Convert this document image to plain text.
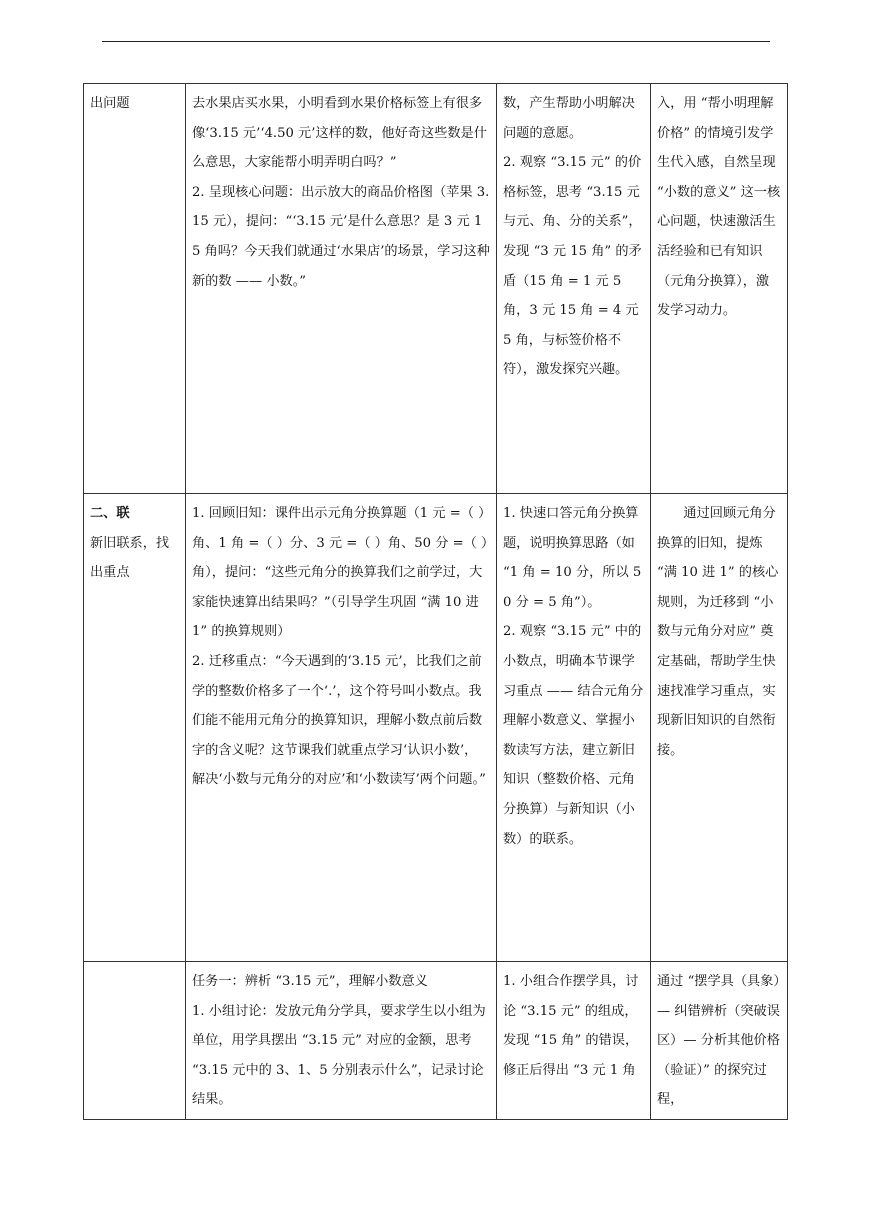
出问题	去水果店买水果，小明看到水果价格标签上有很多像‘3.15 元’‘4.50 元’这样的数，他好奇这些数是什么意思，大家能帮小明弄明白吗？”
2. 呈现核心问题：出示放大的商品价格图（苹果 3.15 元），提问：“‘3.15 元’是什么意思？是 3 元 15 角吗？今天我们就通过‘水果店’的场景，学习这种新的数 —— 小数。”	数，产生帮助小明解决问题的意愿。
2. 观察 “3.15 元” 的价格标签，思考 “3.15 元与元、角、分的关系”，发现 “3 元 15 角” 的矛盾（15 角 = 1 元 5 角，3 元 15 角 = 4 元 5 角，与标签价格不符），激发探究兴趣。	入，用 “帮小明理解价格” 的情境引发学生代入感，自然呈现 “小数的意义” 这一核心问题，快速激活生活经验和已有知识（元角分换算），激发学习动力。

二、联
新旧联系，找出重点	1. 回顾旧知：课件出示元角分换算题（1 元 =（ ）角、1 角 =（ ）分、3 元 =（ ）角、50 分 =（ ）角），提问：“这些元角分的换算我们之前学过，大家能快速算出结果吗？”（引导学生巩固 “满 10 进 1” 的换算规则）
2. 迁移重点：“今天遇到的‘3.15 元’，比我们之前学的整数价格多了一个‘.’，这个符号叫小数点。我们能不能用元角分的换算知识，理解小数点前后数字的含义呢？这节课我们就重点学习‘认识小数’，解决‘小数与元角分的对应’和‘小数读写’两个问题。”	1. 快速口答元角分换算题，说明换算思路（如 “1 角 = 10 分，所以 50 分 = 5 角”）。
2. 观察 “3.15 元” 中的小数点，明确本节课学习重点 —— 结合元角分理解小数意义、掌握小数读写方法，建立新旧知识（整数价格、元角分换算）与新知识（小数）的联系。	通过回顾元角分换算的旧知，提炼 “满 10 进 1” 的核心规则，为迁移到 “小数与元角分对应” 奠定基础，帮助学生快速找准学习重点，实现新旧知识的自然衔接。

	任务一：辨析 “3.15 元”，理解小数意义
1. 小组讨论：发放元角分学具，要求学生以小组为单位，用学具摆出 “3.15 元” 对应的金额，思考 “3.15 元中的 3、1、5 分别表示什么”，记录讨论结果。	1. 小组合作摆学具，讨论 “3.15 元” 的组成，发现 “15 角” 的错误，修正后得出 “3 元 1 角	通过 “摆学具（具象）— 纠错辨析（突破误区）— 分析其他价格（验证）” 的探究过程，
